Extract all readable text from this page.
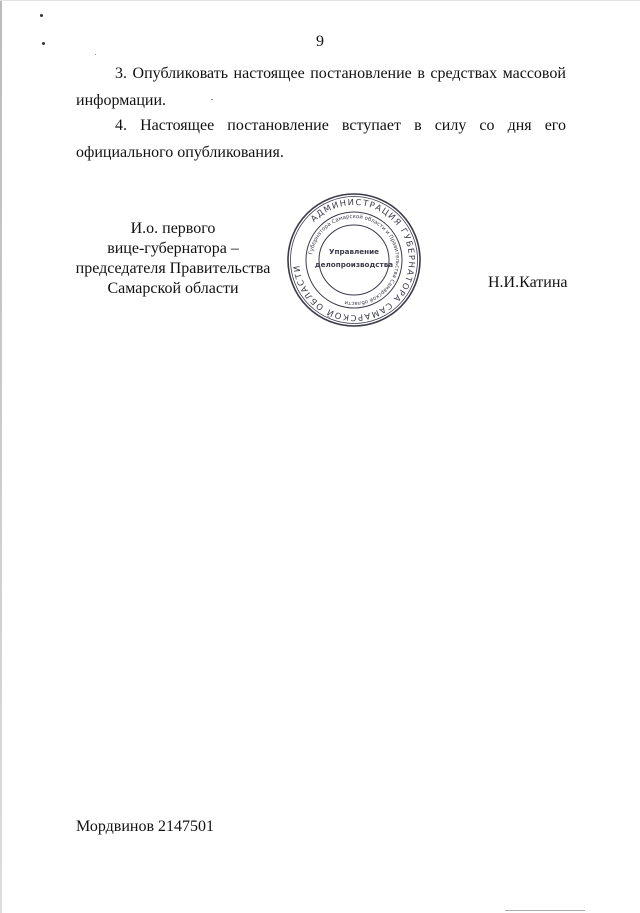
9
3. Опубликовать настоящее постановление в средствах массовой
информации.
4. Настоящее постановление вступает в силу со дня его
официального опубликования.
И.о. первого
вице-губернатора –
председателя Правительства
Самарской области
АДМИНИСТРАЦИЯ ГУБЕРНАТОРА САМАРСКОЙ ОБЛАСТИ
Губернатора Самарской области и Правительства Самарской области
Управление
делопроизводства
Н.И.Катина
Мордвинов 2147501
